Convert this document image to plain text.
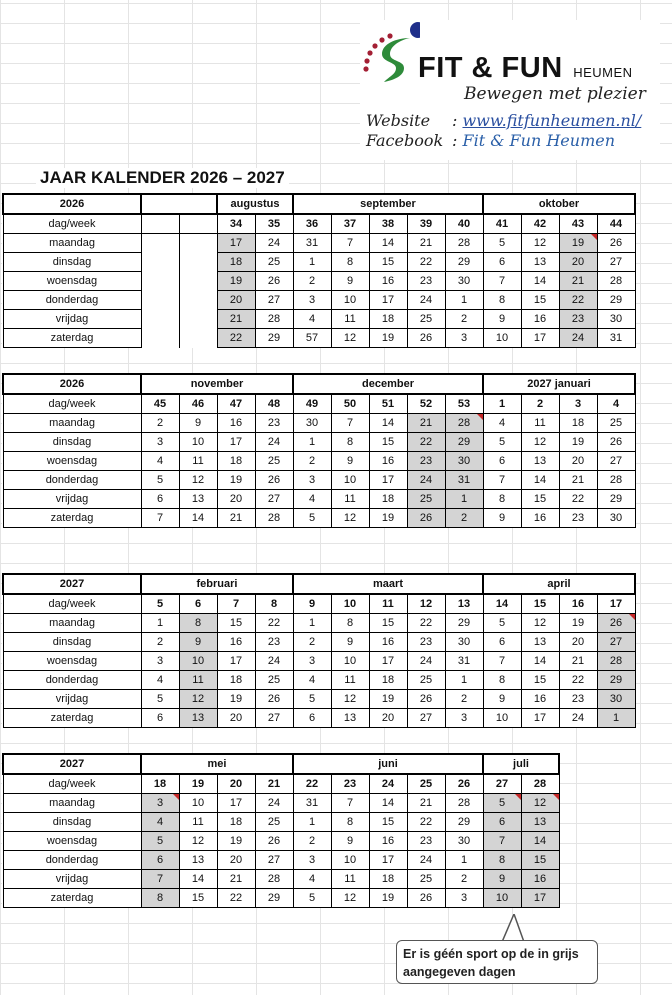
FIT & FUN HEUMEN
Bewegen met plezier
Website : www.fitfunheumen.nl/
Facebook : Fit & Fun Heumen
JAAR KALENDER 2026 – 2027
2026			augustus		september					oktober			
dag/week			34	35	36	37	38	39	40	41	42	43	44
maandag			17	24	31	7	14	21	28	5	12	19	26
dinsdag			18	25	1	8	15	22	29	6	13	20	27
woensdag			19	26	2	9	16	23	30	7	14	21	28
donderdag			20	27	3	10	17	24	1	8	15	22	29
vrijdag			21	28	4	11	18	25	2	9	16	23	30
zaterdag			22	29	57	12	19	26	3	10	17	24	31
2026	november				december					2027 januari			
dag/week	45	46	47	48	49	50	51	52	53	1	2	3	4
maandag	2	9	16	23	30	7	14	21	28	4	11	18	25
dinsdag	3	10	17	24	1	8	15	22	29	5	12	19	26
woensdag	4	11	18	25	2	9	16	23	30	6	13	20	27
donderdag	5	12	19	26	3	10	17	24	31	7	14	21	28
vrijdag	6	13	20	27	4	11	18	25	1	8	15	22	29
zaterdag	7	14	21	28	5	12	19	26	2	9	16	23	30
2027	februari				maart					april			
dag/week	5	6	7	8	9	10	11	12	13	14	15	16	17
maandag	1	8	15	22	1	8	15	22	29	5	12	19	26
dinsdag	2	9	16	23	2	9	16	23	30	6	13	20	27
woensdag	3	10	17	24	3	10	17	24	31	7	14	21	28
donderdag	4	11	18	25	4	11	18	25	1	8	15	22	29
vrijdag	5	12	19	26	5	12	19	26	2	9	16	23	30
zaterdag	6	13	20	27	6	13	20	27	3	10	17	24	1
2027	mei				juni					juli	
dag/week	18	19	20	21	22	23	24	25	26	27	28
maandag	3	10	17	24	31	7	14	21	28	5	12
dinsdag	4	11	18	25	1	8	15	22	29	6	13
woensdag	5	12	19	26	2	9	16	23	30	7	14
donderdag	6	13	20	27	3	10	17	24	1	8	15
vrijdag	7	14	21	28	4	11	18	25	2	9	16
zaterdag	8	15	22	29	5	12	19	26	3	10	17
Er is géén sport op de in grijs aangegeven dagen
